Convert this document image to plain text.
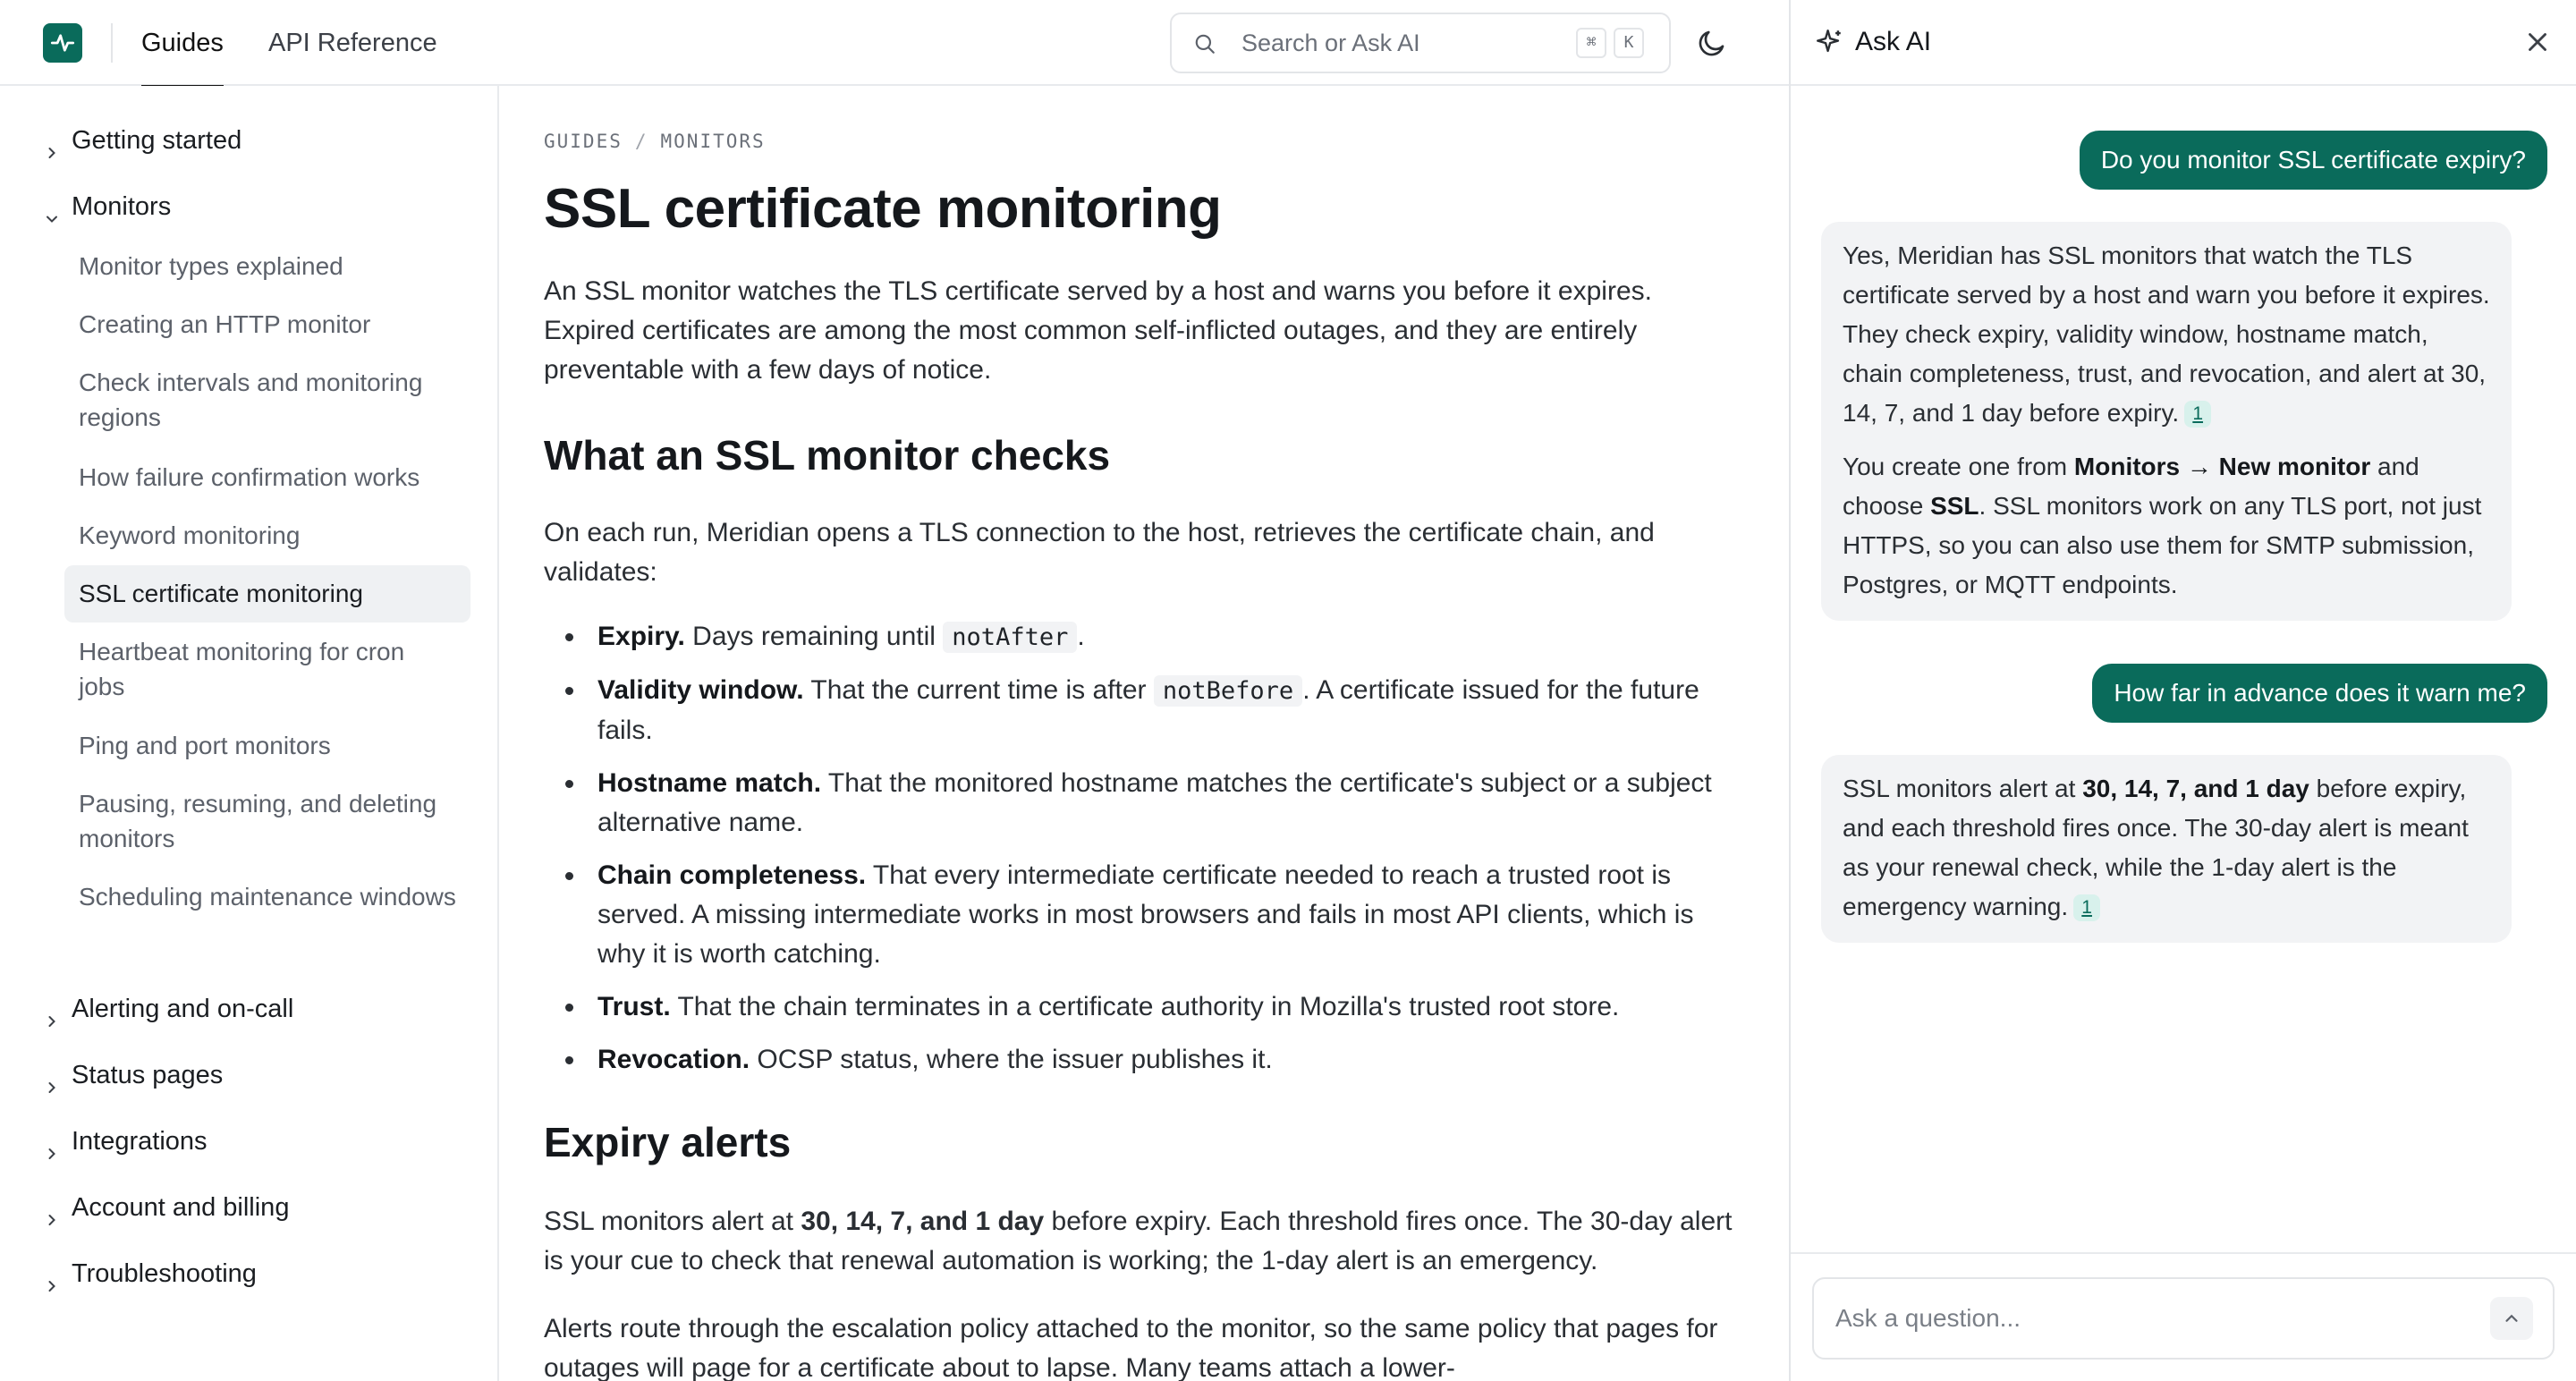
Guides API Reference	Search or Ask AI	⌘	K
Getting started
Monitors
Monitor types explained
Creating an HTTP monitor
Check intervals and monitoring regions
How failure confirmation works
Keyword monitoring
SSL certificate monitoring
Heartbeat monitoring for cron jobs
Ping and port monitors
Pausing, resuming, and deleting monitors
Scheduling maintenance windows
Alerting and on-call
Status pages
Integrations
Account and billing
Troubleshooting
GUIDES / MONITORS
SSL certificate monitoring

An SSL monitor watches the TLS certificate served by a host and warns you before it expires. Expired certificates are among the most common self-inflicted outages, and they are entirely preventable with a few days of notice.

What an SSL monitor checks

On each run, Meridian opens a TLS connection to the host, retrieves the certificate chain, and validates:

Expiry. Days remaining until notAfter .
Validity window. That the current time is after notBefore . A certificate issued for the future fails.
Hostname match. That the monitored hostname matches the certificate's subject or a subject alternative name.
Chain completeness. That every intermediate certificate needed to reach a trusted root is served. A missing intermediate works in most browsers and fails in most API clients, which is why it is worth catching.
Trust. That the chain terminates in a certificate authority in Mozilla's trusted root store.
Revocation. OCSP status, where the issuer publishes it.
Expiry alerts

SSL monitors alert at 30, 14, 7, and 1 day before expiry. Each threshold fires once. The 30-day alert is your cue to check that renewal automation is working; the 1-day alert is an emergency.

Alerts route through the escalation policy attached to the monitor, so the same policy that pages for outages will page for a certificate about to lapse. Many teams attach a lower-

Ask AI
Do you monitor SSL certificate expiry?

Yes, Meridian has SSL monitors that watch the TLS certificate served by a host and warn you before it expires. They check expiry, validity window, hostname match, chain completeness, trust, and revocation, and alert at 30, 14, 7, and 1 day before expiry. 1

You create one from Monitors → New monitor and choose SSL. SSL monitors work on any TLS port, not just HTTPS, so you can also use them for SMTP submission, Postgres, or MQTT endpoints.

How far in advance does it warn me?

SSL monitors alert at 30, 14, 7, and 1 day before expiry, and each threshold fires once. The 30-day alert is meant as your renewal check, while the 1-day alert is the emergency warning. 1

Ask a question...
